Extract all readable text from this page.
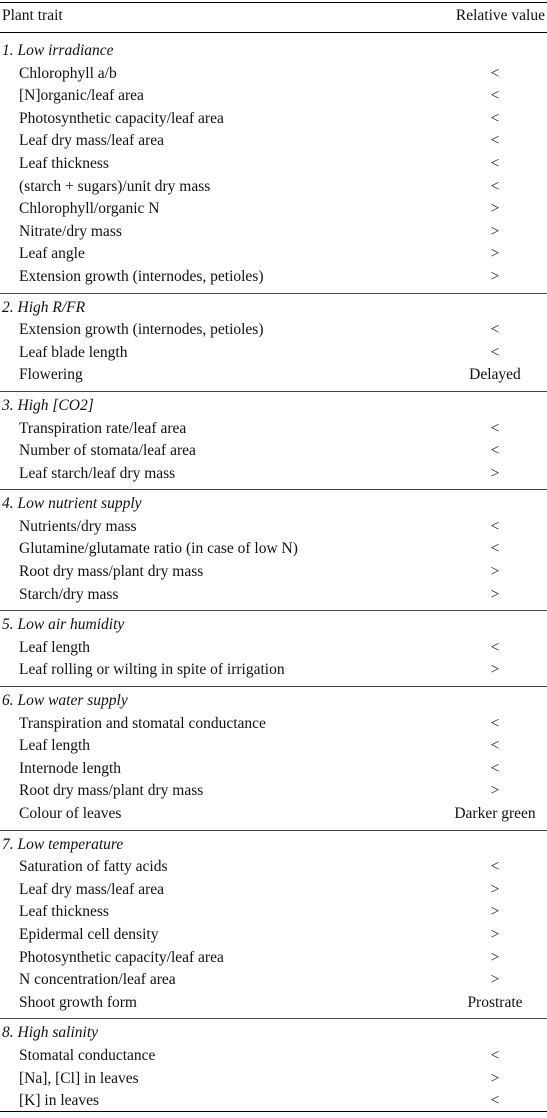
Plant trait	Relative value
1. Low irradiance
Chlorophyll a/b	<
[N]organic/leaf area	<
Photosynthetic capacity/leaf area	<
Leaf dry mass/leaf area	<
Leaf thickness	<
(starch + sugars)/unit dry mass	<
Chlorophyll/organic N	>
Nitrate/dry mass	>
Leaf angle	>
Extension growth (internodes, petioles)	>
2. High R/FR
Extension growth (internodes, petioles)	<
Leaf blade length	<
Flowering	Delayed
3. High [CO2]
Transpiration rate/leaf area	<
Number of stomata/leaf area	<
Leaf starch/leaf dry mass	>
4. Low nutrient supply
Nutrients/dry mass	<
Glutamine/glutamate ratio (in case of low N)	<
Root dry mass/plant dry mass	>
Starch/dry mass	>
5. Low air humidity
Leaf length	<
Leaf rolling or wilting in spite of irrigation	>
6. Low water supply
Transpiration and stomatal conductance	<
Leaf length	<
Internode length	<
Root dry mass/plant dry mass	>
Colour of leaves	Darker green
7. Low temperature
Saturation of fatty acids	<
Leaf dry mass/leaf area	>
Leaf thickness	>
Epidermal cell density	>
Photosynthetic capacity/leaf area	>
N concentration/leaf area	>
Shoot growth form	Prostrate
8. High salinity
Stomatal conductance	<
[Na], [Cl] in leaves	>
[K] in leaves	<
